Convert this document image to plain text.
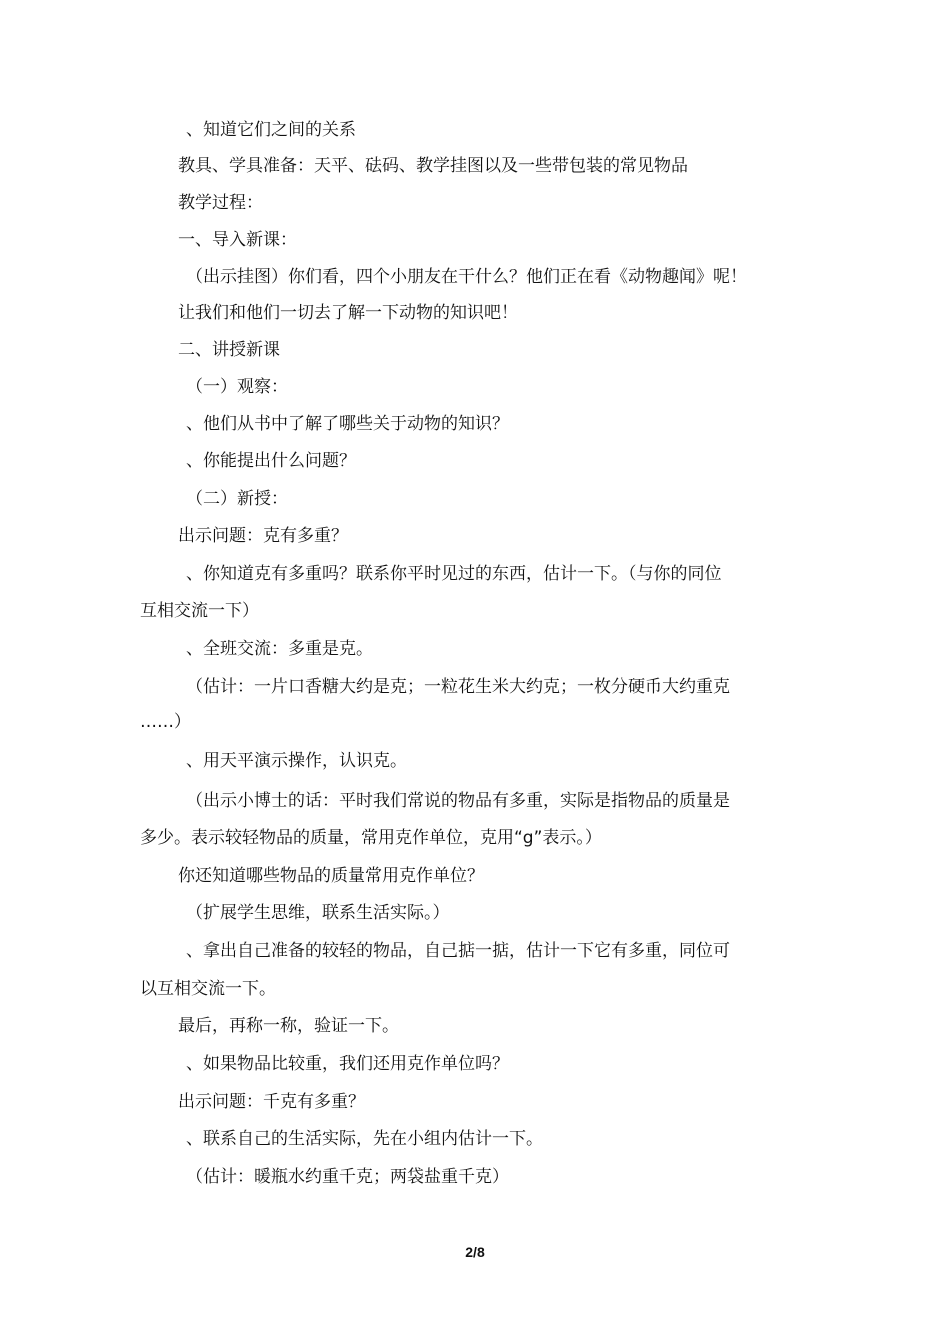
、知道它们之间的关系
教具、学具准备：天平、砝码、教学挂图以及一些带包装的常见物品
教学过程：
一、导入新课：
（出示挂图）你们看，四个小朋友在干什么？他们正在看《动物趣闻》呢！
让我们和他们一切去了解一下动物的知识吧！
二、讲授新课
（一）观察：
、他们从书中了解了哪些关于动物的知识？
、你能提出什么问题？
（二）新授：
出示问题：克有多重？
、你知道克有多重吗？联系你平时见过的东西，估计一下。（与你的同位
互相交流一下）
、全班交流：多重是克。
（估计：一片口香糖大约是克；一粒花生米大约克；一枚分硬币大约重克
……）
、用天平演示操作，认识克。
（出示小博士的话：平时我们常说的物品有多重，实际是指物品的质量是
多少。表示较轻物品的质量，常用克作单位，克用“g”表示。）
你还知道哪些物品的质量常用克作单位？
（扩展学生思维，联系生活实际。）
、拿出自己准备的较轻的物品，自己掂一掂，估计一下它有多重，同位可
以互相交流一下。
最后，再称一称，验证一下。
、如果物品比较重，我们还用克作单位吗？
出示问题：千克有多重？
、联系自己的生活实际，先在小组内估计一下。
（估计：暖瓶水约重千克；两袋盐重千克）
2/8
